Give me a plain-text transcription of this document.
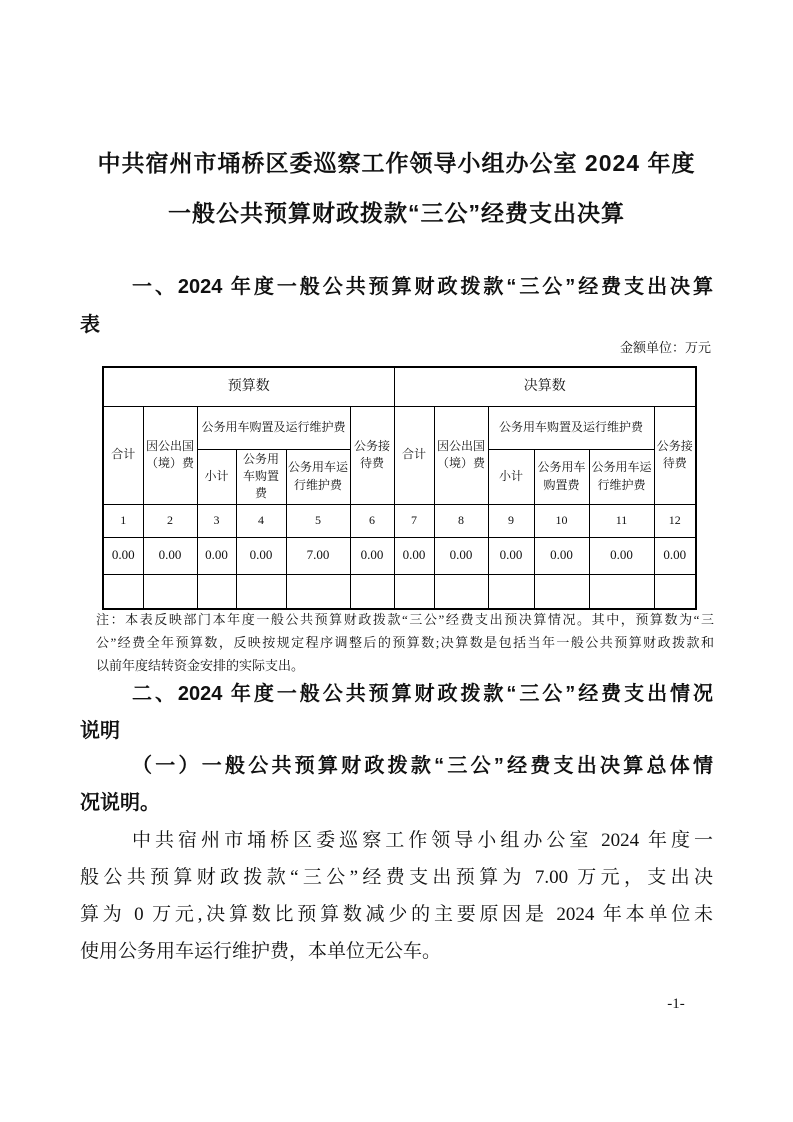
中共宿州市埇桥区委巡察工作领导小组办公室 2024 年度
一般公共预算财政拨款“三公”经费支出决算
一、2024 年度一般公共预算财政拨款“三公”经费支出决算
表
金额单位：万元
预算数						决算数					
合计	因公出国（境）费	公务用车购置及运行维护费			公务接待费	合计	因公出国（境）费	公务用车购置及运行维护费			公务接待费
		小计	公务用车购置费	公务用车运行维护费				小计	公务用车购置费	公务用车运行维护费	
1	2	3	4	5	6	7	8	9	10	11	12
0.00	0.00	0.00	0.00	7.00	0.00	0.00	0.00	0.00	0.00	0.00	0.00

注：本表反映部门本年度一般公共预算财政拨款“三公”经费支出预决算情况。其中，预算数为“三
公”经费全年预算数，反映按规定程序调整后的预算数;决算数是包括当年一般公共预算财政拨款和
以前年度结转资金安排的实际支出。
二、2024 年度一般公共预算财政拨款“三公”经费支出情况
说明
（一）一般公共预算财政拨款“三公”经费支出决算总体情
况说明。
中共宿州市埇桥区委巡察工作领导小组办公室 2024 年度一
般公共预算财政拨款“三公”经费支出预算为 7.00 万元，支出决
算为 0 万元,决算数比预算数减少的主要原因是 2024 年本单位未
使用公务用车运行维护费，本单位无公车。
-1-
